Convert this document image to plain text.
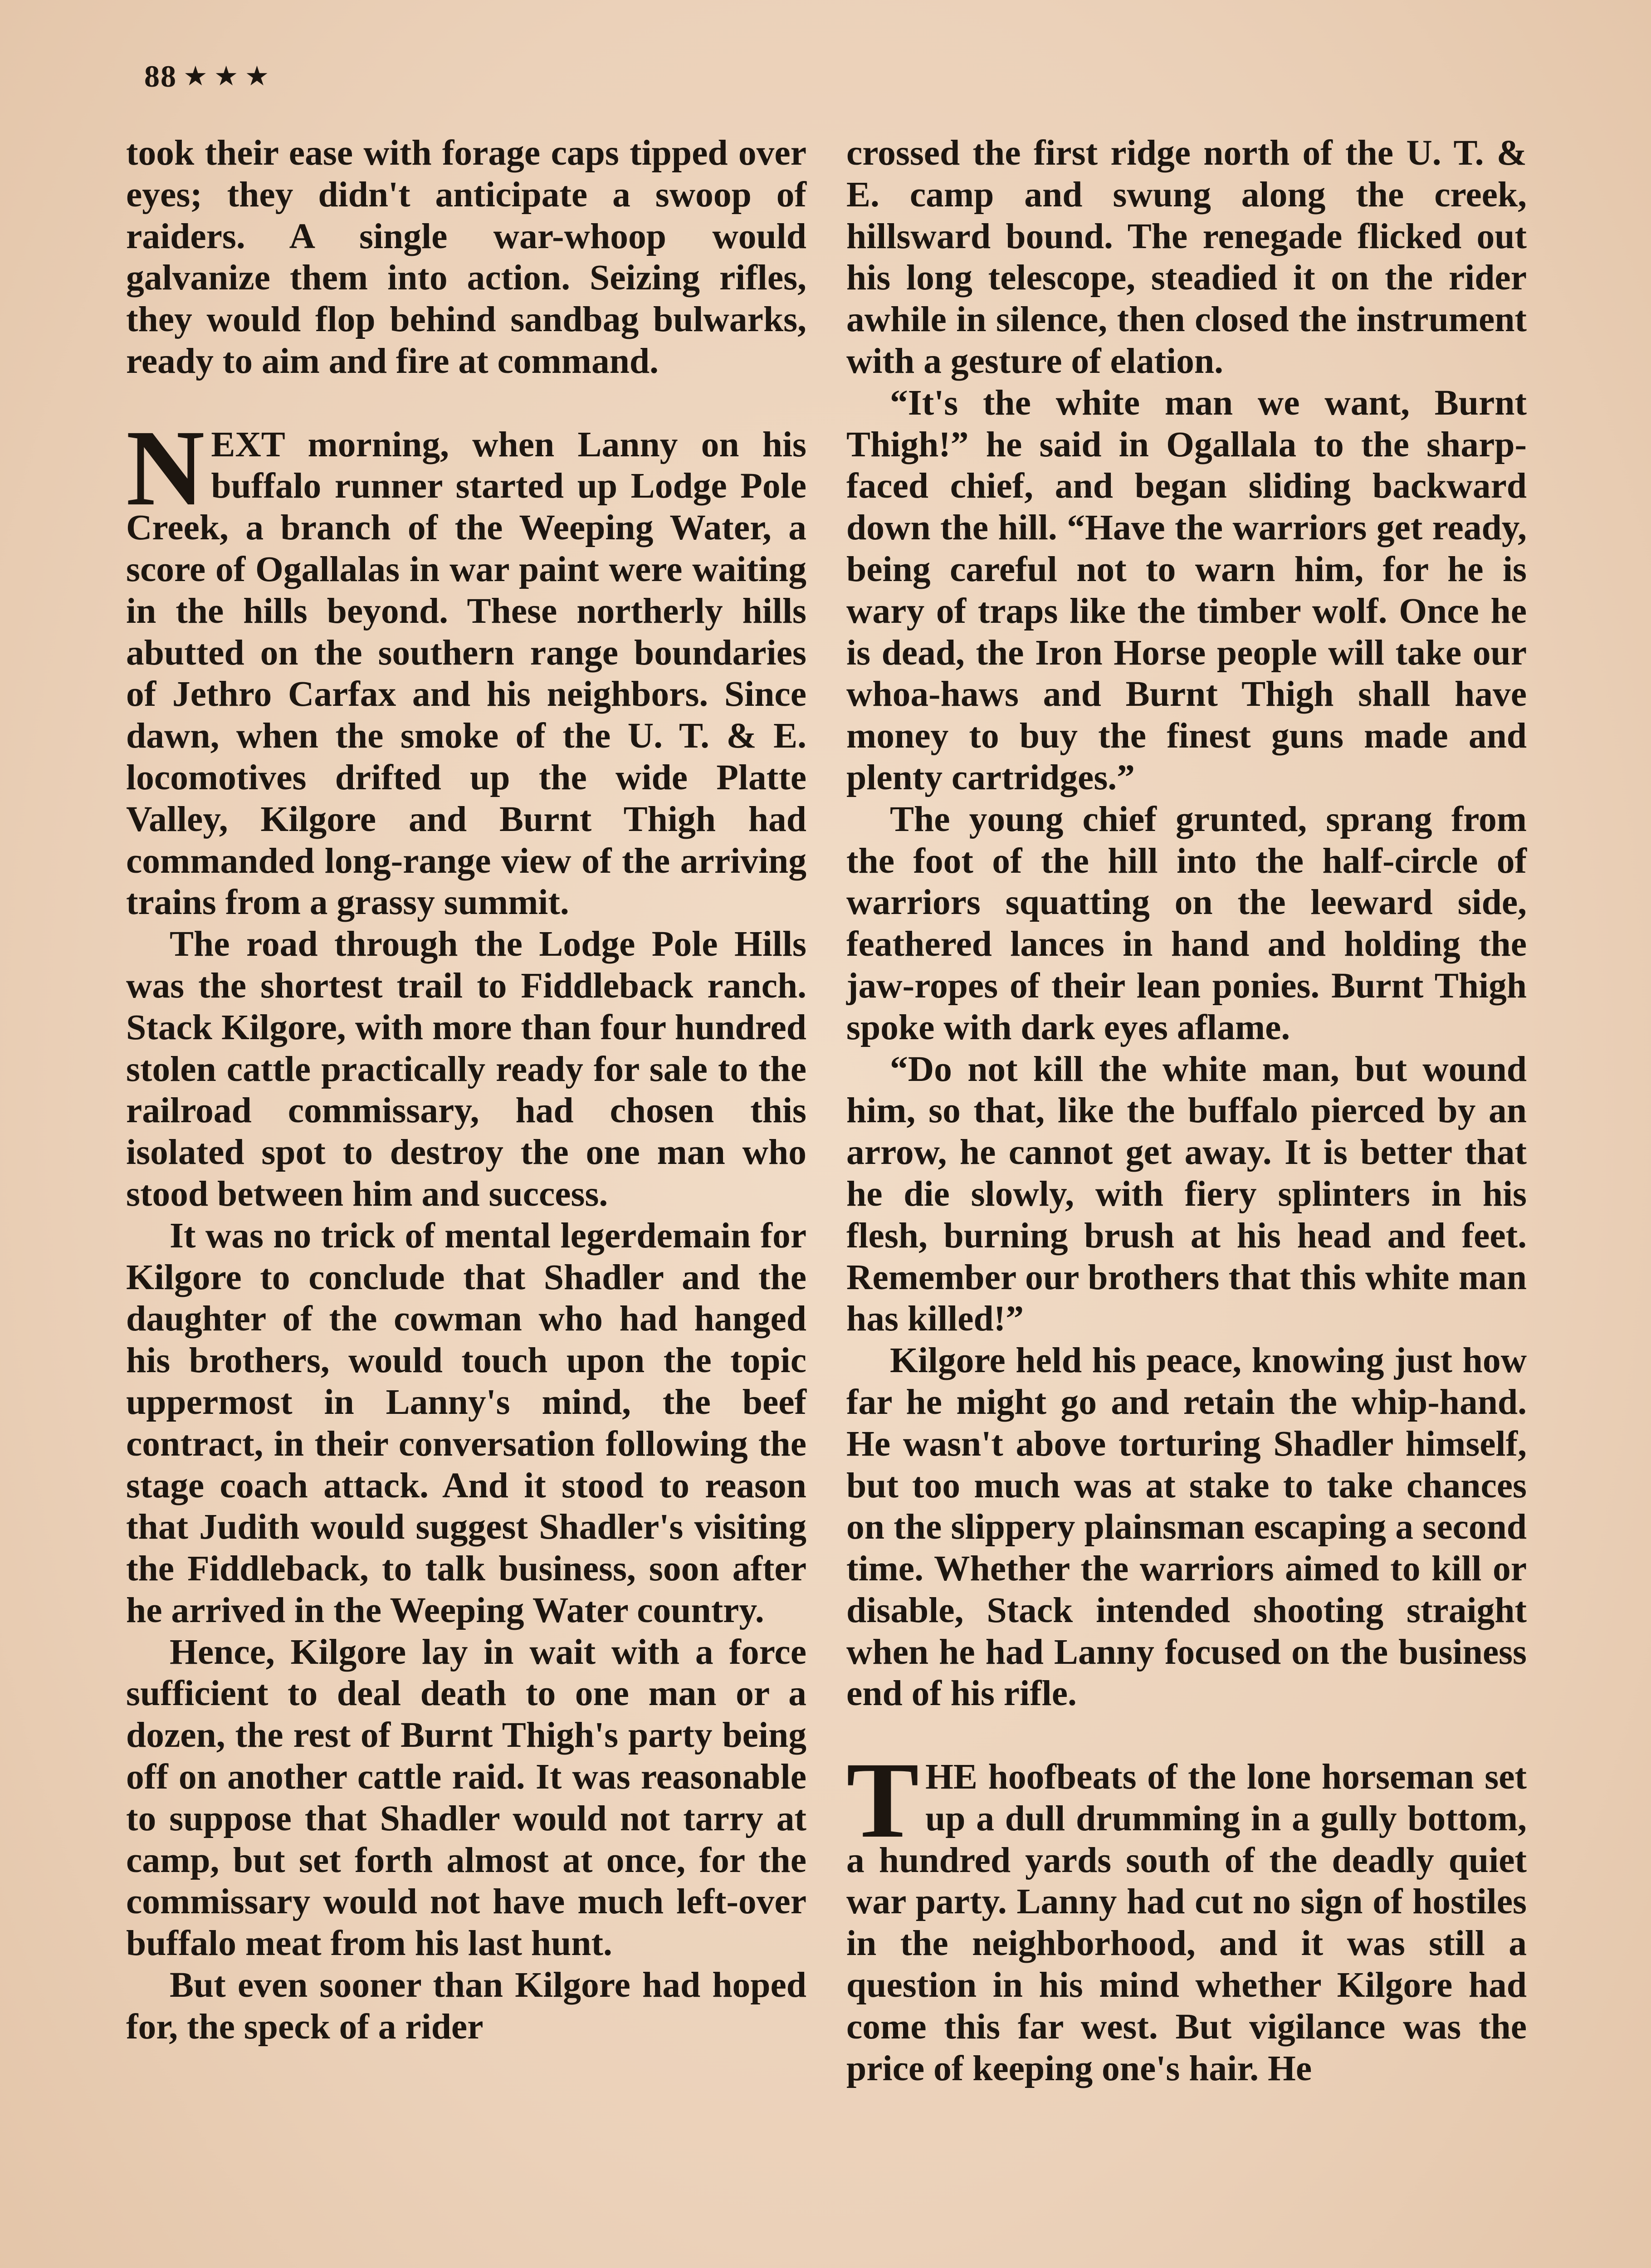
88 ★★★

took their ease with forage caps tipped over eyes; they didn't anticipate a swoop of raiders. A single war-whoop would galvanize them into action. Seizing rifles, they would flop behind sandbag bulwarks, ready to aim and fire at command.

NEXT morning, when Lanny on his buffalo runner started up Lodge Pole Creek, a branch of the Weeping Water, a score of Ogallalas in war paint were waiting in the hills beyond. These northerly hills abutted on the southern range boundaries of Jethro Carfax and his neighbors. Since dawn, when the smoke of the U. T. & E. locomotives drifted up the wide Platte Valley, Kilgore and Burnt Thigh had commanded long-range view of the arriving trains from a grassy summit.

The road through the Lodge Pole Hills was the shortest trail to Fiddleback ranch. Stack Kilgore, with more than four hundred stolen cattle practically ready for sale to the railroad commissary, had chosen this isolated spot to destroy the one man who stood between him and success.

It was no trick of mental legerdemain for Kilgore to conclude that Shadler and the daughter of the cowman who had hanged his brothers, would touch upon the topic uppermost in Lanny's mind, the beef contract, in their conversation following the stage coach attack. And it stood to reason that Judith would suggest Shadler's visiting the Fiddleback, to talk business, soon after he arrived in the Weeping Water country.

Hence, Kilgore lay in wait with a force sufficient to deal death to one man or a dozen, the rest of Burnt Thigh's party being off on another cattle raid. It was reasonable to suppose that Shadler would not tarry at camp, but set forth almost at once, for the commissary would not have much left-over buffalo meat from his last hunt.

But even sooner than Kilgore had hoped for, the speck of a rider

crossed the first ridge north of the U. T. & E. camp and swung along the creek, hillsward bound. The renegade flicked out his long telescope, steadied it on the rider awhile in silence, then closed the instrument with a gesture of elation.

“It's the white man we want, Burnt Thigh!” he said in Ogallala to the sharp-faced chief, and began sliding backward down the hill. “Have the warriors get ready, being careful not to warn him, for he is wary of traps like the timber wolf. Once he is dead, the Iron Horse people will take our whoa-haws and Burnt Thigh shall have money to buy the finest guns made and plenty cartridges.”

The young chief grunted, sprang from the foot of the hill into the half-circle of warriors squatting on the leeward side, feathered lances in hand and holding the jaw-ropes of their lean ponies. Burnt Thigh spoke with dark eyes aflame.

“Do not kill the white man, but wound him, so that, like the buffalo pierced by an arrow, he cannot get away. It is better that he die slowly, with fiery splinters in his flesh, burning brush at his head and feet. Remember our brothers that this white man has killed!”

Kilgore held his peace, knowing just how far he might go and retain the whip-hand. He wasn't above torturing Shadler himself, but too much was at stake to take chances on the slippery plainsman escaping a second time. Whether the warriors aimed to kill or disable, Stack intended shooting straight when he had Lanny focused on the business end of his rifle.

THE hoofbeats of the lone horseman set up a dull drumming in a gully bottom, a hundred yards south of the deadly quiet war party. Lanny had cut no sign of hostiles in the neighborhood, and it was still a question in his mind whether Kilgore had come this far west. But vigilance was the price of keeping one's hair. He
